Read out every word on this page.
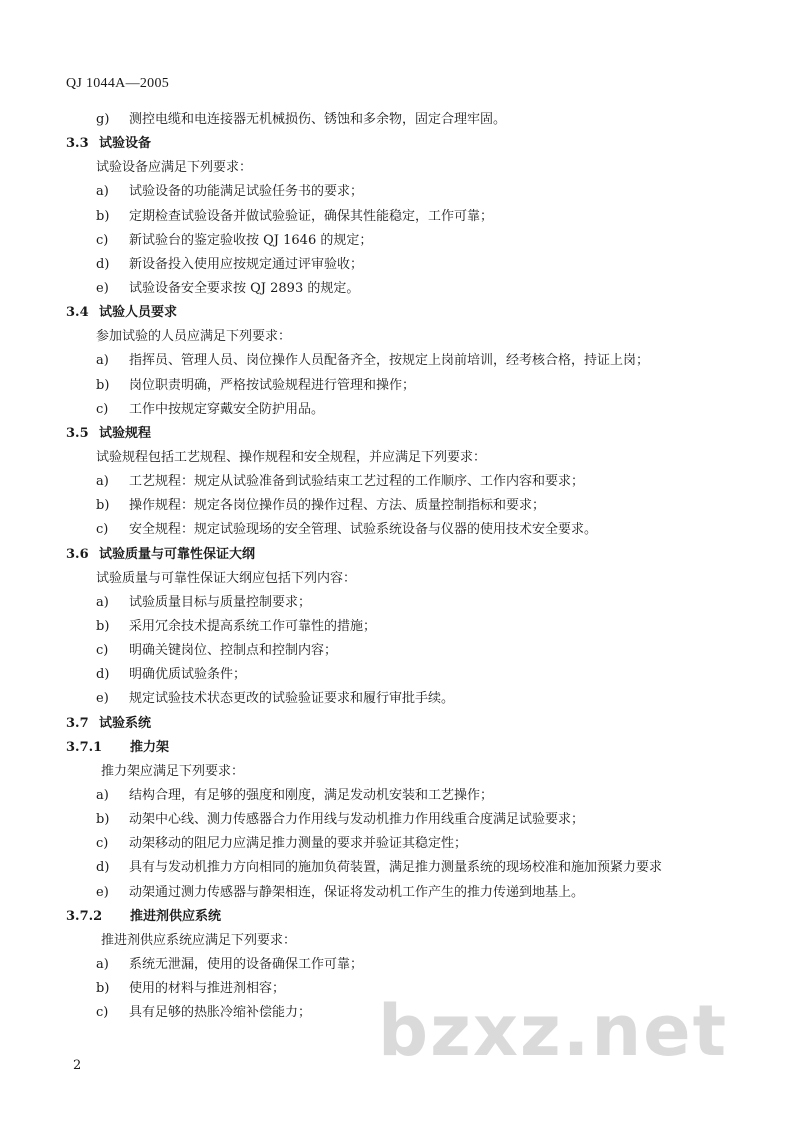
QJ 1044A—2005
g) 测控电缆和电连接器无机械损伤、锈蚀和多余物，固定合理牢固。
3.3 试验设备
试验设备应满足下列要求：
a) 试验设备的功能满足试验任务书的要求；
b) 定期检查试验设备并做试验验证，确保其性能稳定，工作可靠；
c) 新试验台的鉴定验收按 QJ 1646 的规定；
d) 新设备投入使用应按规定通过评审验收；
e) 试验设备安全要求按 QJ 2893 的规定。
3.4 试验人员要求
参加试验的人员应满足下列要求：
a) 指挥员、管理人员、岗位操作人员配备齐全，按规定上岗前培训，经考核合格，持证上岗；
b) 岗位职责明确，严格按试验规程进行管理和操作；
c) 工作中按规定穿戴安全防护用品。
3.5 试验规程
试验规程包括工艺规程、操作规程和安全规程，并应满足下列要求：
a) 工艺规程：规定从试验准备到试验结束工艺过程的工作顺序、工作内容和要求；
b) 操作规程：规定各岗位操作员的操作过程、方法、质量控制指标和要求；
c) 安全规程：规定试验现场的安全管理、试验系统设备与仪器的使用技术安全要求。
3.6 试验质量与可靠性保证大纲
试验质量与可靠性保证大纲应包括下列内容：
a) 试验质量目标与质量控制要求；
b) 采用冗余技术提高系统工作可靠性的措施；
c) 明确关键岗位、控制点和控制内容；
d) 明确优质试验条件；
e) 规定试验技术状态更改的试验验证要求和履行审批手续。
3.7 试验系统
3.7.1 推力架
推力架应满足下列要求：
a) 结构合理，有足够的强度和刚度，满足发动机安装和工艺操作；
b) 动架中心线、测力传感器合力作用线与发动机推力作用线重合度满足试验要求；
c) 动架移动的阻尼力应满足推力测量的要求并验证其稳定性；
d) 具有与发动机推力方向相同的施加负荷装置，满足推力测量系统的现场校准和施加预紧力要求
e) 动架通过测力传感器与静架相连，保证将发动机工作产生的推力传递到地基上。
3.7.2 推进剂供应系统
推进剂供应系统应满足下列要求：
a) 系统无泄漏，使用的设备确保工作可靠；
b) 使用的材料与推进剂相容；
c) 具有足够的热胀冷缩补偿能力；
2	bzxz.net
